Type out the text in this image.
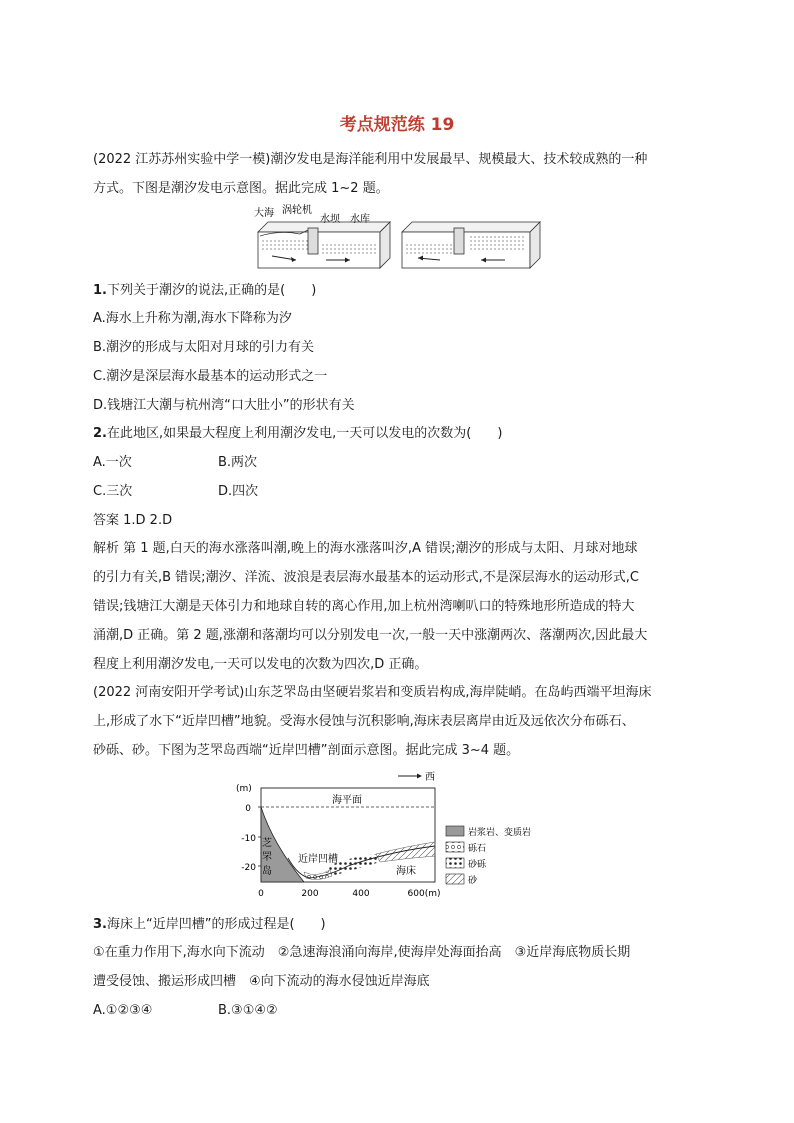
考点规范练 19
(2022 江苏苏州实验中学一模)潮汐发电是海洋能利用中发展最早、规模最大、技术较成熟的一种
方式。下图是潮汐发电示意图。据此完成 1~2 题。
大海 涡轮机
水坝 水库
1.下列关于潮汐的说法,正确的是(　　)
A.海水上升称为潮,海水下降称为汐
B.潮汐的形成与太阳对月球的引力有关
C.潮汐是深层海水最基本的运动形式之一
D.钱塘江大潮与杭州湾“口大肚小”的形状有关
2.在此地区,如果最大程度上利用潮汐发电,一天可以发电的次数为(　　)
A.一次	B.两次
C.三次	D.四次
答案 1.D 2.D
解析 第 1 题,白天的海水涨落叫潮,晚上的海水涨落叫汐,A 错误;潮汐的形成与太阳、月球对地球
的引力有关,B 错误;潮汐、洋流、波浪是表层海水最基本的运动形式,不是深层海水的运动形式,C
错误;钱塘江大潮是天体引力和地球自转的离心作用,加上杭州湾喇叭口的特殊地形所造成的特大
涌潮,D 正确。第 2 题,涨潮和落潮均可以分别发电一次,一般一天中涨潮两次、落潮两次,因此最大
程度上利用潮汐发电,一天可以发电的次数为四次,D 正确。
(2022 河南安阳开学考试)山东芝罘岛由坚硬岩浆岩和变质岩构成,海岸陡峭。在岛屿西端平坦海床
上,形成了水下“近岸凹槽”地貌。受海水侵蚀与沉积影响,海床表层离岸由近及远依次分布砾石、
砂砾、砂。下图为芝罘岛西端“近岸凹槽”剖面示意图。据此完成 3~4 题。
西
(m)
海平面
芝
罘
岛
近岸凹槽
海床
0
-10
-20
0	200	400	600(m)
岩浆岩、变质岩
砾石
砂砾
砂
3.海床上“近岸凹槽”的形成过程是(　　)
①在重力作用下,海水向下流动　②急速海浪涌向海岸,使海岸处海面抬高　③近岸海底物质长期
遭受侵蚀、搬运形成凹槽　④向下流动的海水侵蚀近岸海底
A.①②③④	B.③①④②
